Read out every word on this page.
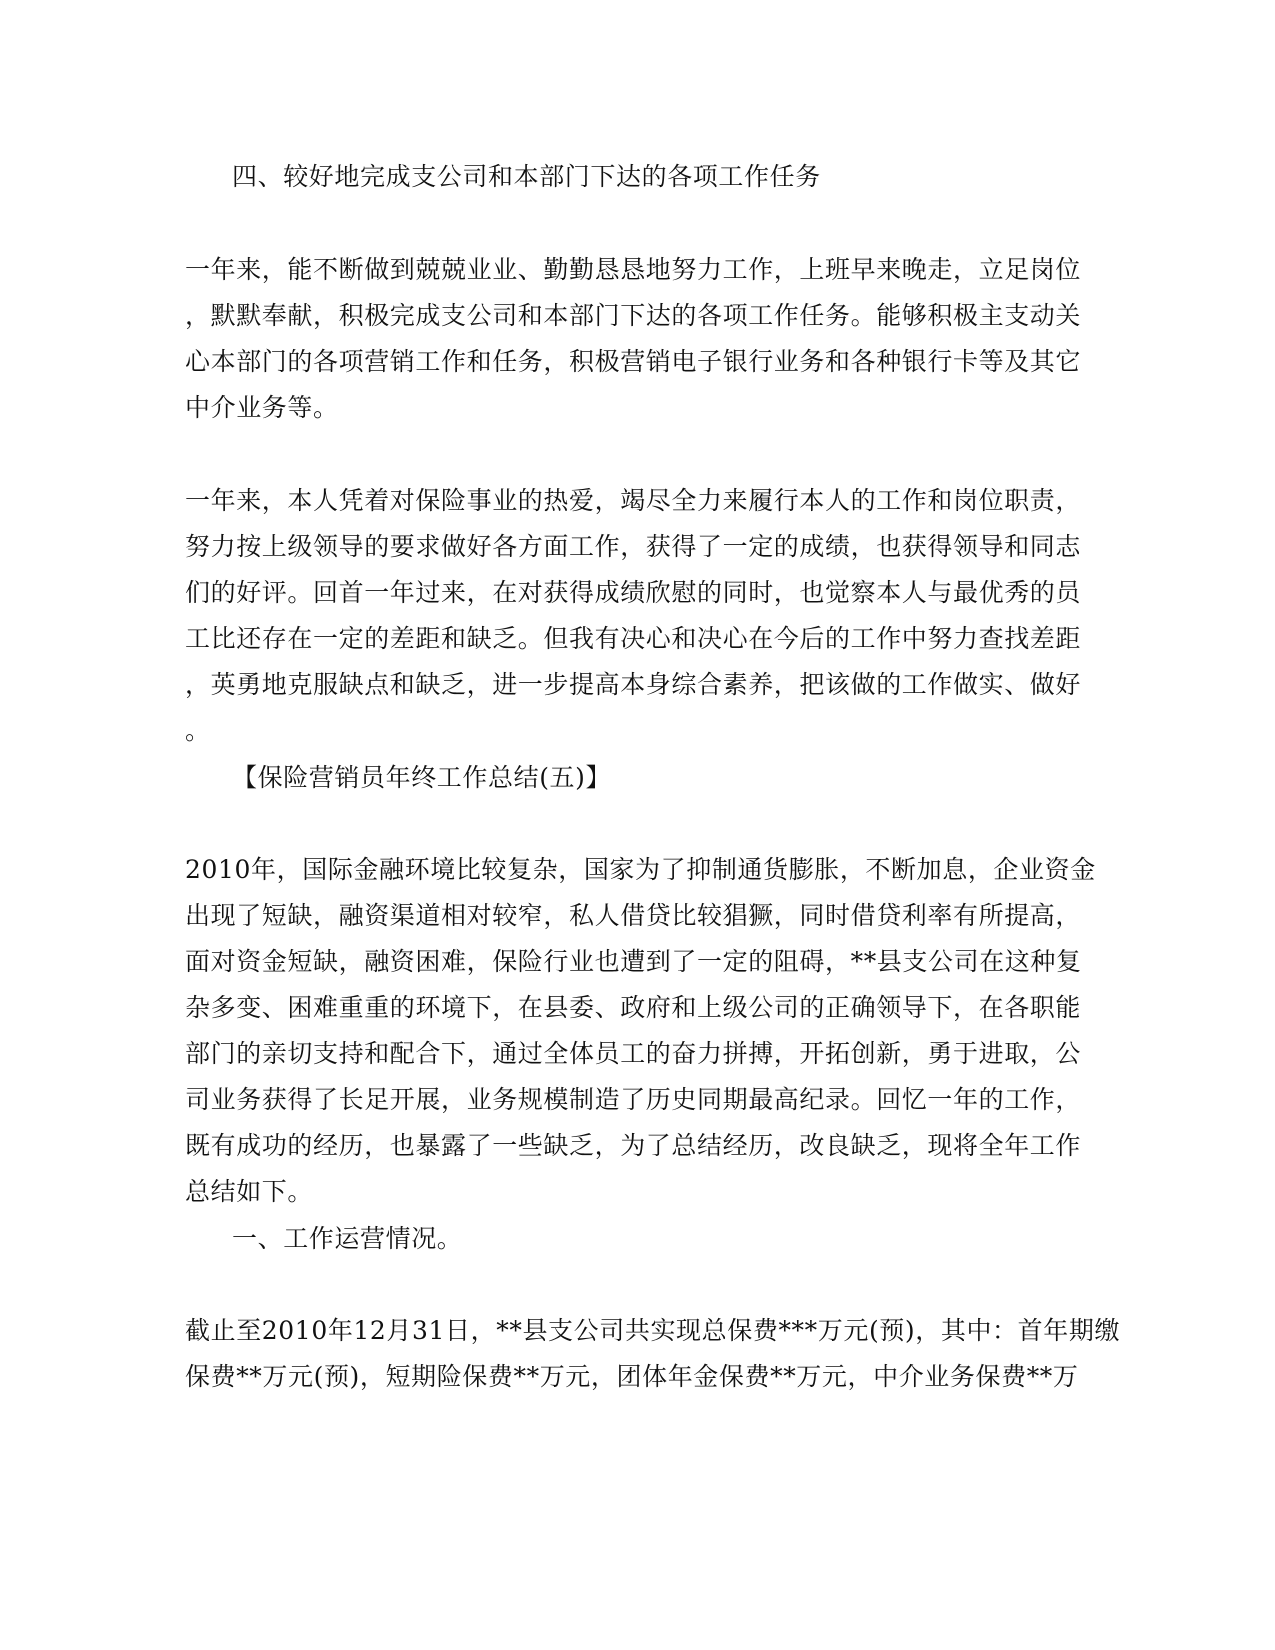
四、较好地完成支公司和本部门下达的各项工作任务
一年来，能不断做到兢兢业业、勤勤恳恳地努力工作，上班早来晚走，立足岗位
，默默奉献，积极完成支公司和本部门下达的各项工作任务。能够积极主支动关
心本部门的各项营销工作和任务，积极营销电子银行业务和各种银行卡等及其它
中介业务等。
一年来，本人凭着对保险事业的热爱，竭尽全力来履行本人的工作和岗位职责，
努力按上级领导的要求做好各方面工作，获得了一定的成绩，也获得领导和同志
们的好评。回首一年过来，在对获得成绩欣慰的同时，也觉察本人与最优秀的员
工比还存在一定的差距和缺乏。但我有决心和决心在今后的工作中努力查找差距
，英勇地克服缺点和缺乏，进一步提高本身综合素养，把该做的工作做实、做好
。
【保险营销员年终工作总结(五)】
2010年，国际金融环境比较复杂，国家为了抑制通货膨胀，不断加息，企业资金
出现了短缺，融资渠道相对较窄，私人借贷比较猖獗，同时借贷利率有所提高，
面对资金短缺，融资困难，保险行业也遭到了一定的阻碍，**县支公司在这种复
杂多变、困难重重的环境下，在县委、政府和上级公司的正确领导下，在各职能
部门的亲切支持和配合下，通过全体员工的奋力拼搏，开拓创新，勇于进取，公
司业务获得了长足开展，业务规模制造了历史同期最高纪录。回忆一年的工作，
既有成功的经历，也暴露了一些缺乏，为了总结经历，改良缺乏，现将全年工作
总结如下。
一、工作运营情况。
截止至2010年12月31日，**县支公司共实现总保费***万元(预)，其中：首年期缴
保费**万元(预)，短期险保费**万元，团体年金保费**万元，中介业务保费**万
